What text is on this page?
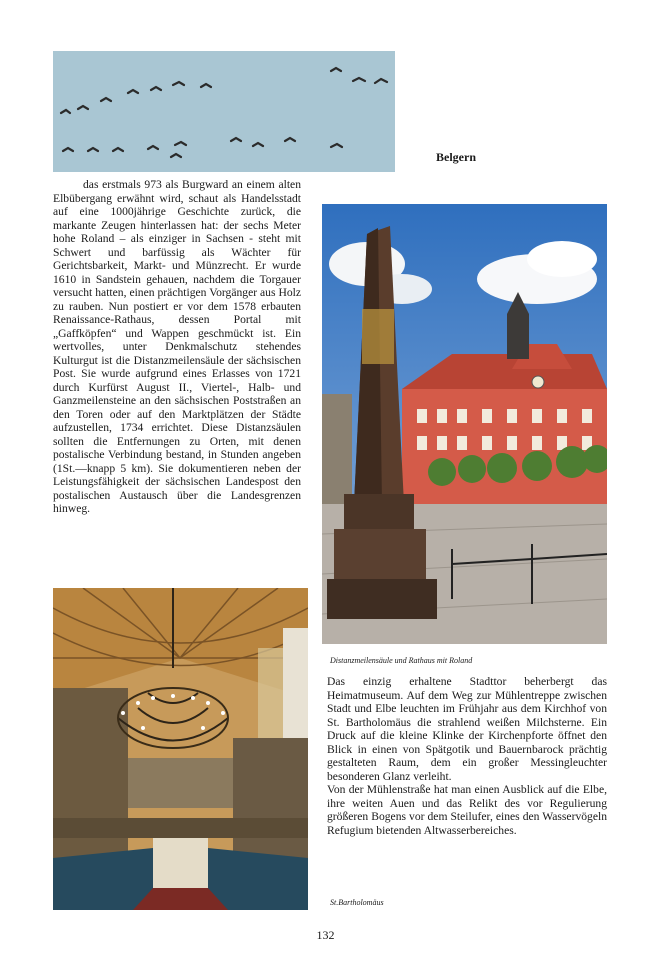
Belgern

das erstmals 973 als Burgward an einem alten Elbübergang erwähnt wird, schaut als Handelsstadt auf eine 1000jährige Geschichte zurück, die markante Zeugen hinterlassen hat: der sechs Meter hohe Roland – als einziger in Sachsen - steht mit Schwert und barfüssig als Wächter für Gerichtsbarkeit, Markt- und Münzrecht. Er wurde 1610 in Sandstein gehauen, nachdem die Torgauer versucht hatten, einen prächtigen Vorgänger aus Holz zu rauben. Nun postiert er vor dem 1578 erbauten Renaissance-Rathaus, dessen Portal mit „Gaffköpfen“ und Wappen geschmückt ist. Ein wertvolles, unter Denkmalschutz stehendes Kulturgut ist die Distanzmeilensäule der sächsischen Post. Sie wurde aufgrund eines Erlasses von 1721 durch Kurfürst August II., Viertel-, Halb- und Ganzmeilensteine an den sächsischen Poststraßen an den Toren oder auf den Marktplätzen der Städte aufzustellen, 1734 errichtet. Diese Distanzsäulen sollten die Entfernungen zu Orten, mit denen postalische Verbindung bestand, in Stunden angeben (1St.—knapp 5 km). Sie dokumentieren neben der Leistungsfähigkeit der sächsischen Landespost den postalischen Austausch über die Landesgrenzen hinweg.

Distanzmeilensäule und Rathaus mit Roland

Das einzig erhaltene Stadttor beherbergt das Heimatmuseum. Auf dem Weg zur Mühlentreppe zwischen Stadt und Elbe leuchten im Frühjahr aus dem Kirchhof von St. Bartholomäus die strahlend weißen Milchsterne. Ein Druck auf die kleine Klinke der Kirchenpforte öffnet den Blick in einen von Spätgotik und Bauernbarock prächtig gestalteten Raum, dem ein großer Messingleuchter besonderen Glanz verleiht.

Von der Mühlenstraße hat man einen Ausblick auf die Elbe, ihre weiten Auen und das Relikt des vor Regulierung größeren Bogens vor dem Steilufer, eines den Wasservögeln Refugium bietenden Altwasserbereiches.

St.Bartholomäus
132
